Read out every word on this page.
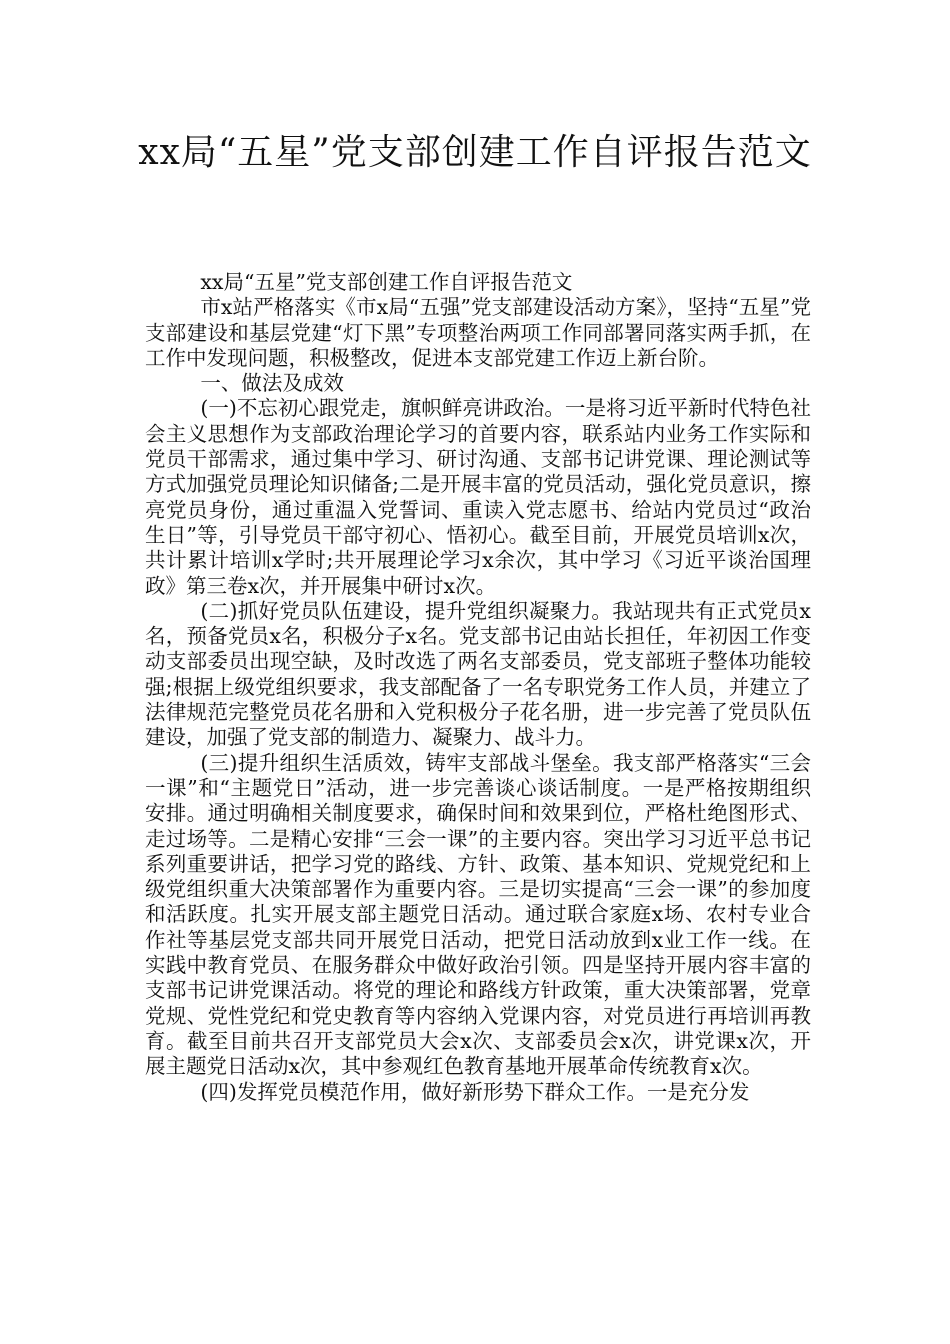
xx局“五星”党支部创建工作自评报告范文

xx局“五星”党支部创建工作自评报告范文

市x站严格落实《市x局“五强”党支部建设活动方案》，坚持“五星”党支部建设和基层党建“灯下黑”专项整治两项工作同部署同落实两手抓，在工作中发现问题，积极整改，促进本支部党建工作迈上新台阶。

一、做法及成效

(一)不忘初心跟党走，旗帜鲜亮讲政治。一是将习近平新时代特色社会主义思想作为支部政治理论学习的首要内容，联系站内业务工作实际和党员干部需求，通过集中学习、研讨沟通、支部书记讲党课、理论测试等方式加强党员理论知识储备;二是开展丰富的党员活动，强化党员意识，擦亮党员身份，通过重温入党誓词、重读入党志愿书、给站内党员过“政治生日”等，引导党员干部守初心、悟初心。截至目前，开展党员培训x次，共计累计培训x学时;共开展理论学习x余次，其中学习《习近平谈治国理政》第三卷x次，并开展集中研讨x次。

(二)抓好党员队伍建设，提升党组织凝聚力。我站现共有正式党员x名，预备党员x名，积极分子x名。党支部书记由站长担任，年初因工作变动支部委员出现空缺，及时改选了两名支部委员，党支部班子整体功能较强;根据上级党组织要求，我支部配备了一名专职党务工作人员，并建立了法律规范完整党员花名册和入党积极分子花名册，进一步完善了党员队伍建设，加强了党支部的制造力、凝聚力、战斗力。

(三)提升组织生活质效，铸牢支部战斗堡垒。我支部严格落实“三会一课”和“主题党日”活动，进一步完善谈心谈话制度。一是严格按期组织安排。通过明确相关制度要求，确保时间和效果到位，严格杜绝图形式、走过场等。二是精心安排“三会一课”的主要内容。突出学习习近平总书记系列重要讲话，把学习党的路线、方针、政策、基本知识、党规党纪和上级党组织重大决策部署作为重要内容。三是切实提高“三会一课”的参加度和活跃度。扎实开展支部主题党日活动。通过联合家庭x场、农村专业合作社等基层党支部共同开展党日活动，把党日活动放到x业工作一线。在实践中教育党员、在服务群众中做好政治引领。四是坚持开展内容丰富的支部书记讲党课活动。将党的理论和路线方针政策，重大决策部署，党章党规、党性党纪和党史教育等内容纳入党课内容，对党员进行再培训再教育。截至目前共召开支部党员大会x次、支部委员会x次，讲党课x次，开展主题党日活动x次，其中参观红色教育基地开展革命传统教育x次。

(四)发挥党员模范作用，做好新形势下群众工作。一是充分发
